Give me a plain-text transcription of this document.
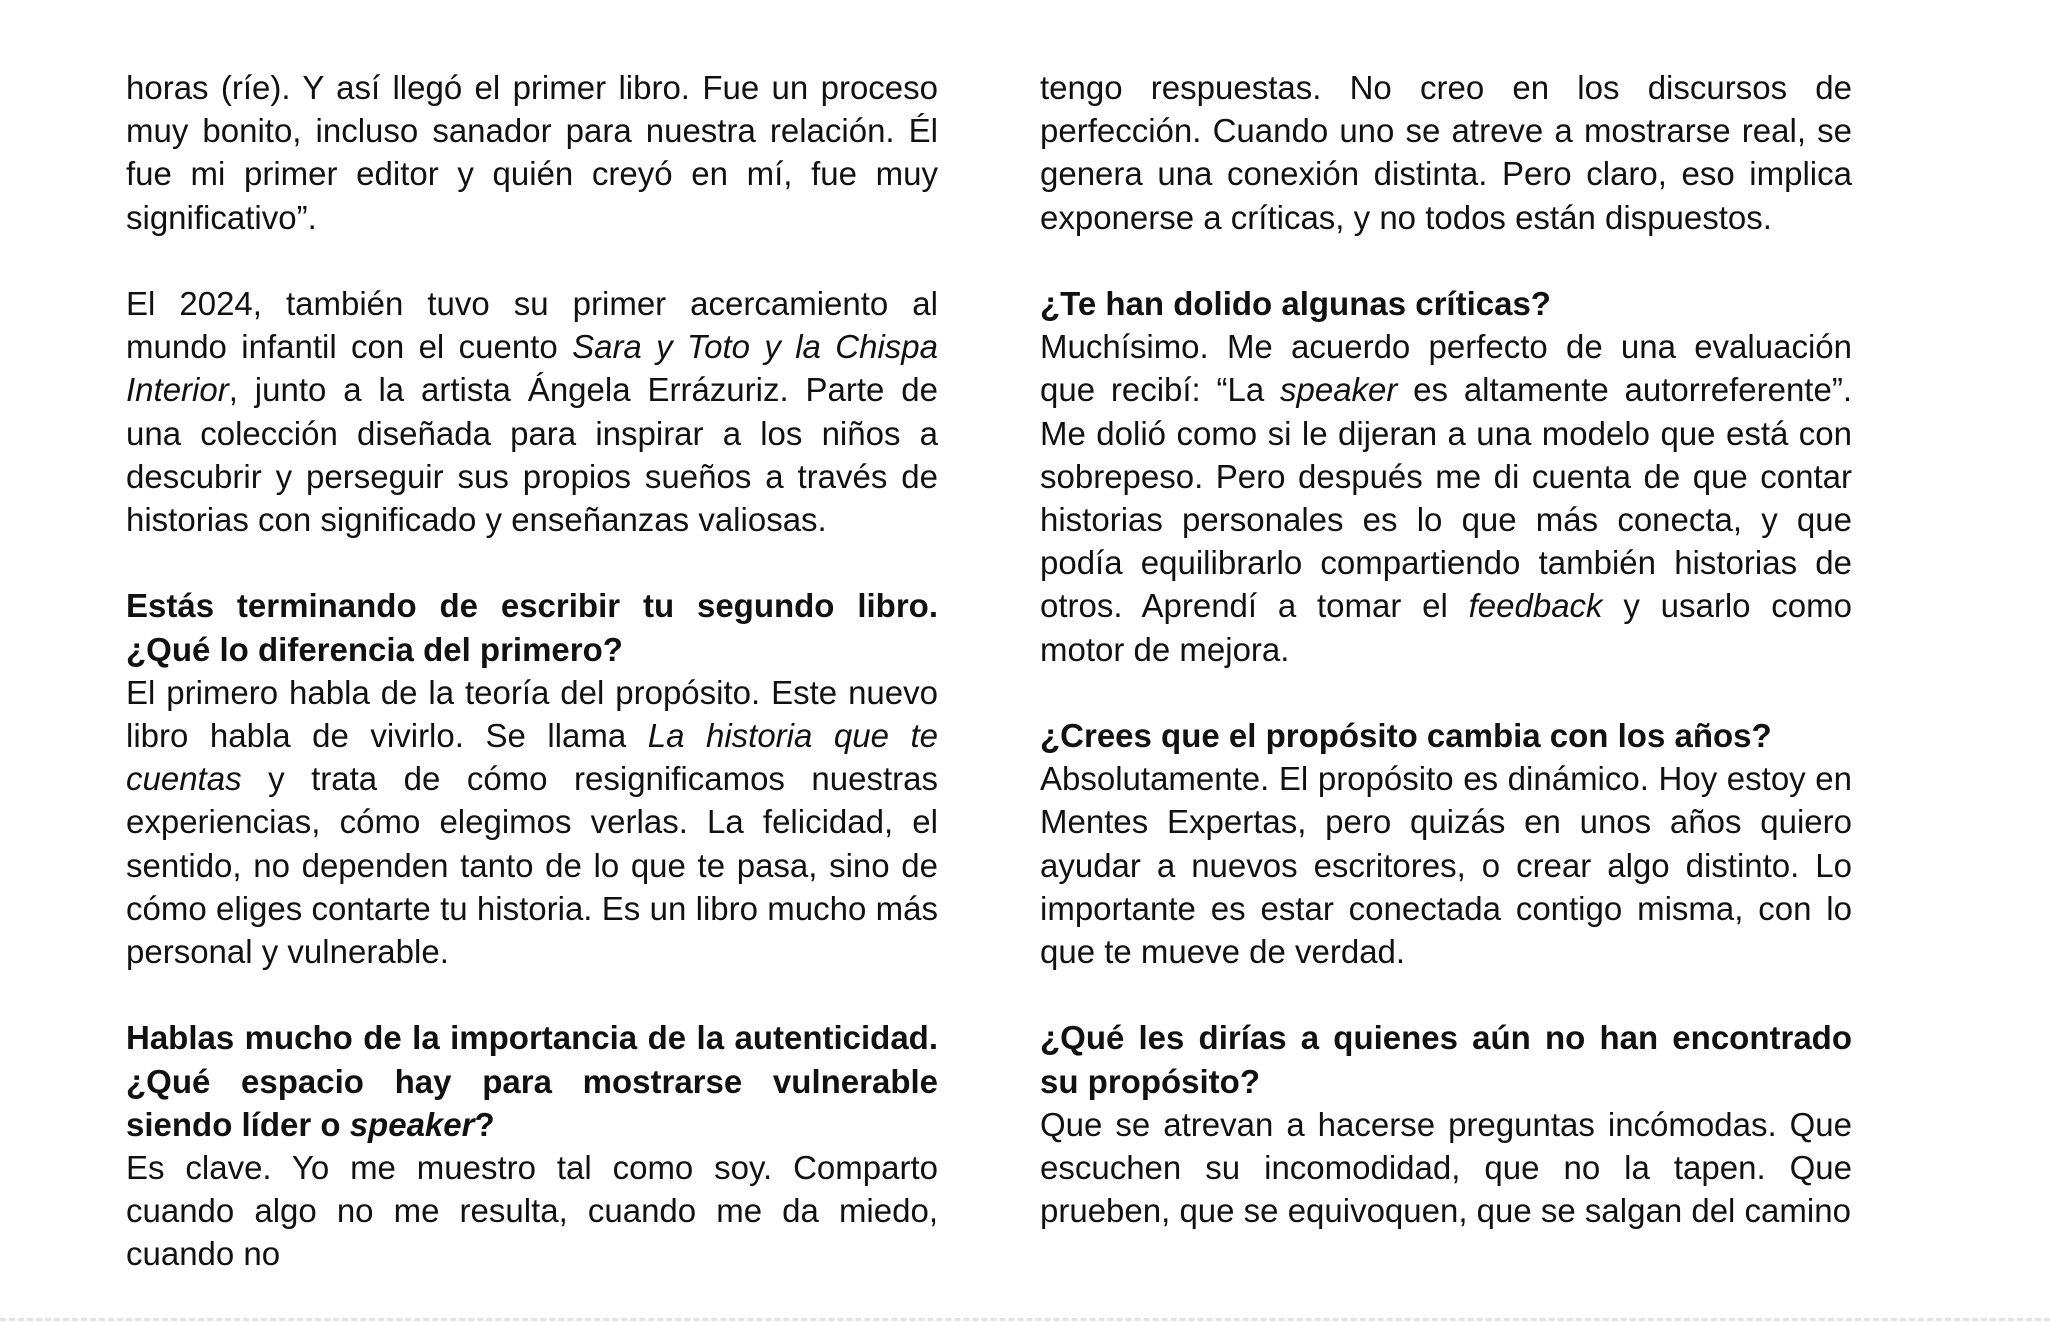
horas (ríe). Y así llegó el primer libro. Fue un proceso muy bonito, incluso sanador para nuestra relación. Él fue mi primer editor y quién creyó en mí, fue muy significativo”.

El 2024, también tuvo su primer acercamiento al mundo infantil con el cuento Sara y Toto y la Chispa Interior, junto a la artista Ángela Errázuriz. Parte de una colección diseñada para inspirar a los niños a descubrir y perseguir sus propios sueños a través de historias con significado y enseñanzas valiosas.

Estás terminando de escribir tu segundo libro. ¿Qué lo diferencia del primero?

El primero habla de la teoría del propósito. Este nuevo libro habla de vivirlo. Se llama La historia que te cuentas y trata de cómo resignificamos nuestras experiencias, cómo elegimos verlas. La felicidad, el sentido, no dependen tanto de lo que te pasa, sino de cómo eliges contarte tu historia. Es un libro mucho más personal y vulnerable.

Hablas mucho de la importancia de la autenticidad. ¿Qué espacio hay para mostrarse vulnerable siendo líder o speaker?

Es clave. Yo me muestro tal como soy. Comparto cuando algo no me resulta, cuando me da miedo, cuando no

tengo respuestas. No creo en los discursos de perfección. Cuando uno se atreve a mostrarse real, se genera una conexión distinta. Pero claro, eso implica exponerse a críticas, y no todos están dispuestos.

¿Te han dolido algunas críticas?

Muchísimo. Me acuerdo perfecto de una evaluación que recibí: “La speaker es altamente autorreferente”. Me dolió como si le dijeran a una modelo que está con sobrepeso. Pero después me di cuenta de que contar historias personales es lo que más conecta, y que podía equilibrarlo compartiendo también historias de otros. Aprendí a tomar el feedback y usarlo como motor de mejora.

¿Crees que el propósito cambia con los años?

Absolutamente. El propósito es dinámico. Hoy estoy en Mentes Expertas, pero quizás en unos años quiero ayudar a nuevos escritores, o crear algo distinto. Lo importante es estar conectada contigo misma, con lo que te mueve de verdad.

¿Qué les dirías a quienes aún no han encontrado su propósito?

Que se atrevan a hacerse preguntas incómodas. Que escuchen su incomodidad, que no la tapen. Que prueben, que se equivoquen, que se salgan del camino
